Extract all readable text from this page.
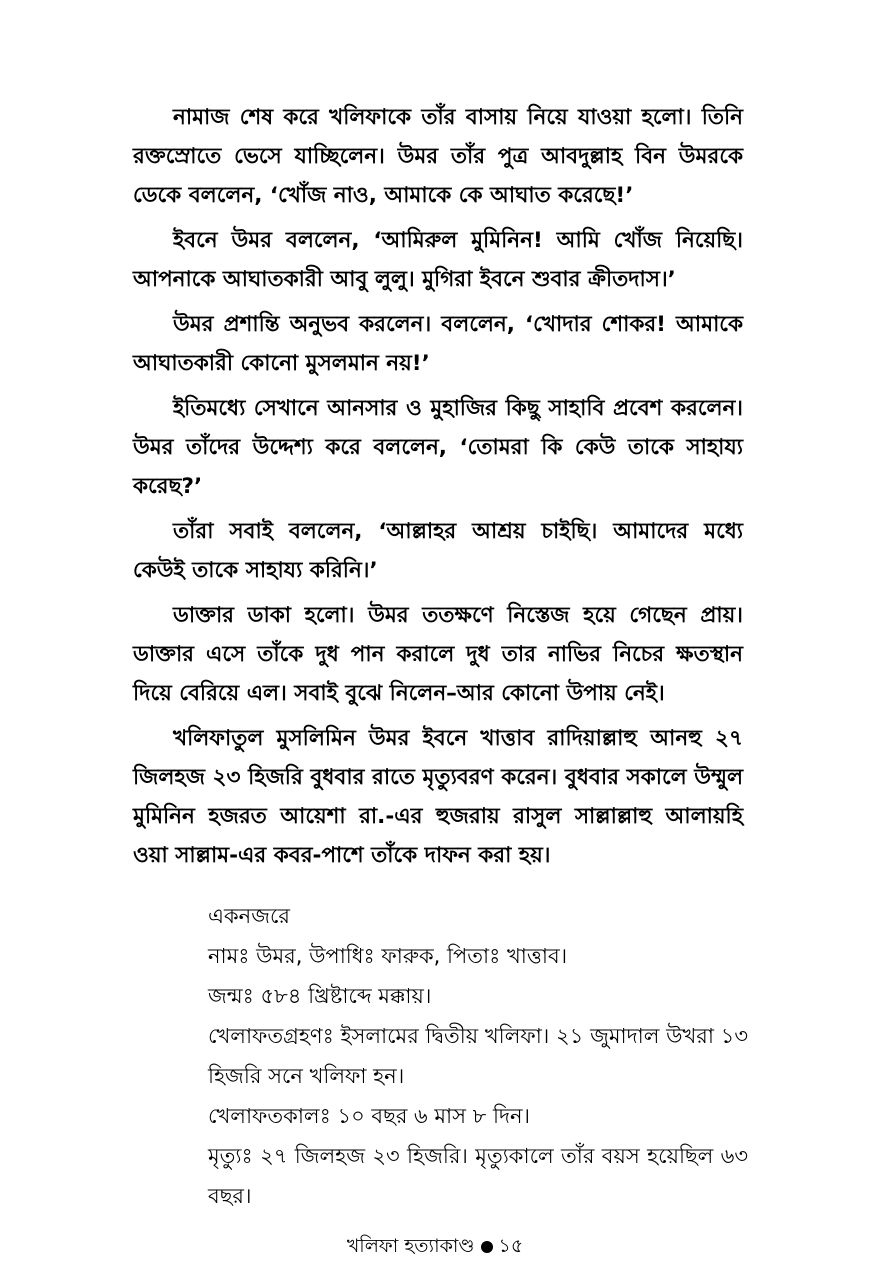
নামাজ শেষ করে খলিফাকে তাঁর বাসায় নিয়ে যাওয়া হলো। তিনি রক্তস্রোতে ভেসে যাচ্ছিলেন। উমর তাঁর পুত্র আবদুল্লাহ বিন উমরকে ডেকে বললেন, ‘খোঁজ নাও, আমাকে কে আঘাত করেছে!’

ইবনে উমর বললেন, ‘আমিরুল মুমিনিন! আমি খোঁজ নিয়েছি। আপনাকে আঘাতকারী আবু লুলু। মুগিরা ইবনে শুবার ক্রীতদাস।’

উমর প্রশান্তি অনুভব করলেন। বললেন, ‘খোদার শোকর! আমাকে আঘাতকারী কোনো মুসলমান নয়!’

ইতিমধ্যে সেখানে আনসার ও মুহাজির কিছু সাহাবি প্রবেশ করলেন। উমর তাঁদের উদ্দেশ্য করে বললেন, ‘তোমরা কি কেউ তাকে সাহায্য করেছ?’

তাঁরা সবাই বললেন, ‘আল্লাহর আশ্রয় চাইছি। আমাদের মধ্যে কেউই তাকে সাহায্য করিনি।’

ডাক্তার ডাকা হলো। উমর ততক্ষণে নিস্তেজ হয়ে গেছেন প্রায়। ডাক্তার এসে তাঁকে দুধ পান করালে দুধ তার নাভির নিচের ক্ষতস্থান দিয়ে বেরিয়ে এল। সবাই বুঝে নিলেন–আর কোনো উপায় নেই।

খলিফাতুল মুসলিমিন উমর ইবনে খাত্তাব রাদিয়াল্লাহু আনহু ২৭ জিলহজ ২৩ হিজরি বুধবার রাতে মৃত্যুবরণ করেন। বুধবার সকালে উম্মুল মুমিনিন হজরত আয়েশা রা.-এর হুজরায় রাসুল সাল্লাল্লাহু আলায়হি ওয়া সাল্লাম-এর কবর-পাশে তাঁকে দাফন করা হয়।

একনজরে

নামঃ উমর, উপাধিঃ ফারুক, পিতাঃ খাত্তাব।

জন্মঃ ৫৮৪ খ্রিষ্টাব্দে মক্কায়।

খেলাফতগ্রহণঃ ইসলামের দ্বিতীয় খলিফা। ২১ জুমাদাল উখরা ১৩ হিজরি সনে খলিফা হন।

খেলাফতকালঃ ১০ বছর ৬ মাস ৮ দিন।

মৃত্যুঃ ২৭ জিলহজ ২৩ হিজরি। মৃত্যুকালে তাঁর বয়স হয়েছিল ৬৩ বছর।

খলিফা হত্যাকাণ্ড ১৫
